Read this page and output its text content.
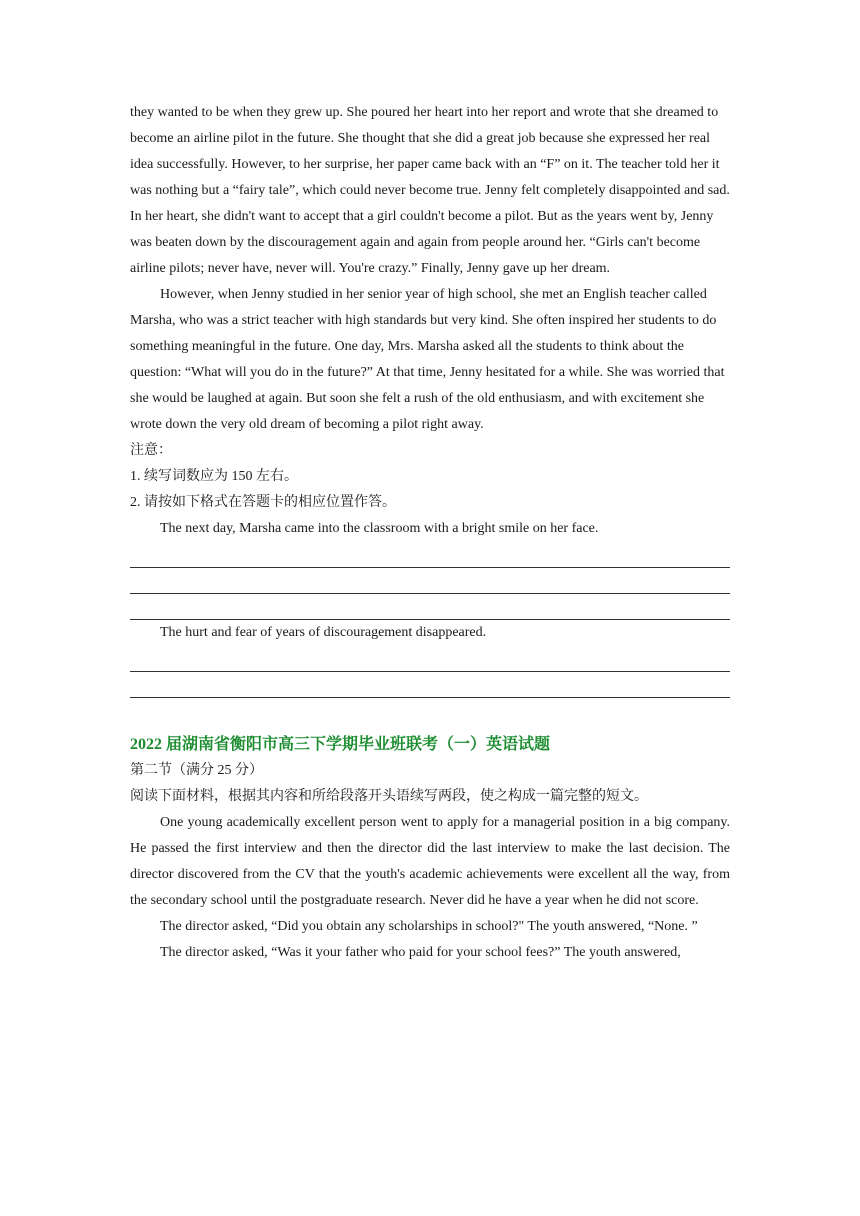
they wanted to be when they grew up. She poured her heart into her report and wrote that she dreamed to become an airline pilot in the future. She thought that she did a great job because she expressed her real idea successfully. However, to her surprise, her paper came back with an “F” on it. The teacher told her it was nothing but a “fairy tale”, which could never become true. Jenny felt completely disappointed and sad. In her heart, she didn't want to accept that a girl couldn't become a pilot. But as the years went by, Jenny was beaten down by the discouragement again and again from people around her. “Girls can't become airline pilots; never have, never will. You're crazy.” Finally, Jenny gave up her dream.

However, when Jenny studied in her senior year of high school, she met an English teacher called Marsha, who was a strict teacher with high standards but very kind. She often inspired her students to do something meaningful in the future. One day, Mrs. Marsha asked all the students to think about the question: “What will you do in the future?” At that time, Jenny hesitated for a while. She was worried that she would be laughed at again. But soon she felt a rush of the old enthusiasm, and with excitement she wrote down the very old dream of becoming a pilot right away.

注意：

1. 续写词数应为 150 左右。

2. 请按如下格式在答题卡的相应位置作答。

The next day, Marsha came into the classroom with a bright smile on her face.

The hurt and fear of years of discouragement disappeared.

2022 届湖南省衡阳市高三下学期毕业班联考（一）英语试题

第二节（满分 25 分）

阅读下面材料，根据其内容和所给段落开头语续写两段，使之构成一篇完整的短文。

One young academically excellent person went to apply for a managerial position in a big company. He passed the first interview and then the director did the last interview to make the last decision. The director discovered from the CV that the youth's academic achievements were excellent all the way, from the secondary school until the postgraduate research. Never did he have a year when he did not score.

The director asked, “Did you obtain any scholarships in school?" The youth answered, “None. ”

The director asked, “Was it your father who paid for your school fees?” The youth answered,
